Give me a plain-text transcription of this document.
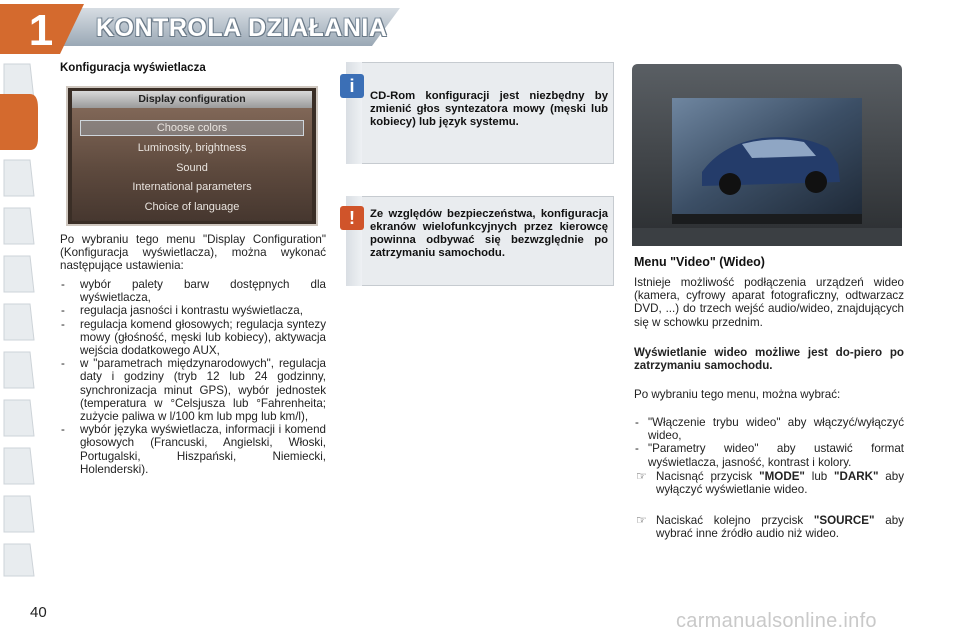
1	KONTROLA DZIAŁANIA
Konfiguracja wyświetlacza
Display configuration
Choose colors
Luminosity, brightness
Sound
International parameters
Choice of language
Po wybraniu tego menu "Display Configuration" (Konfiguracja wyświetlacza), można wykonać następujące ustawienia:
- wybór palety barw dostępnych dla wyświetlacza,
- regulacja jasności i kontrastu wyświetlacza,
- regulacja komend głosowych; regulacja syntezy mowy (głośność, męski lub kobiecy), aktywacja wejścia dodatkowego AUX,
- w "parametrach międzynarodowych", regulacja daty i godziny (tryb 12 lub 24 godzinny, synchronizacja minut GPS), wybór jednostek (temperatura w °Celsjusza lub °Fahrenheita; zużycie paliwa w l/100 km lub mpg lub km/l),
- wybór języka wyświetlacza, informacji i komend głosowych (Francuski, Angielski, Włoski, Portugalski, Hiszpański, Niemiecki, Holenderski).
i	CD-Rom konfiguracji jest niezbędny by zmienić głos syntezatora mowy (męski lub kobiecy) lub język systemu.
!	Ze względów bezpieczeństwa, konfiguracja ekranów wielofunkcyjnych przez kierowcę powinna odbywać się bezwzględnie po zatrzymaniu samochodu.
Menu "Video" (Wideo)
Istnieje możliwość podłączenia urządzeń wideo (kamera, cyfrowy aparat fotograficzny, odtwarzacz DVD, ...) do trzech wejść audio/wideo, znajdujących się w schowku przednim.
Wyświetlanie wideo możliwe jest do-piero po zatrzymaniu samochodu.
Po wybraniu tego menu, można wybrać:
- "Włączenie trybu wideo" aby włączyć/wyłączyć wideo,
- "Parametry wideo" aby ustawić format wyświetlacza, jasność, kontrast i kolory.
☞ Nacisnąć przycisk "MODE" lub "DARK" aby wyłączyć wyświetlanie wideo.
☞ Naciskać kolejno przycisk "SOURCE" aby wybrać inne źródło audio niż wideo.
40	carmanualsonline.info
